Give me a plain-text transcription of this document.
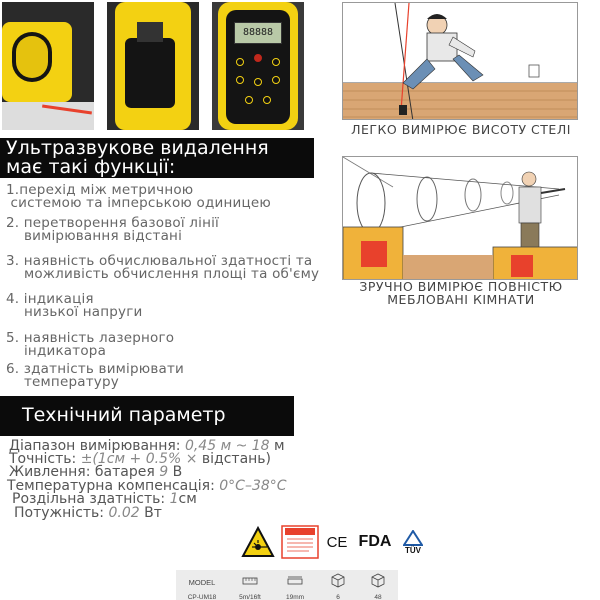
88888
Ультразвукове видалення
має такі функції:
1.перехід між метричною
системою та імперською одиницею
2. перетворення базової лінії
вимірювання відстані
3. наявність обчислювальної здатності та
можливість обчислення площі та об'єму
4. індикація
низької напруги
5. наявність лазерного
індикатора
6. здатність вимірювати
температуру
Технічний параметр
Діапазон вимірювання: 0,45 м ~ 18 м
Точність: ±(1см + 0.5% × відстань)
Живлення: батарея 9 В
Температурна компенсація: 0°C–38°C
Роздільна здатність: 1см
Потужність: 0.02 Вт
ЛЕГКО ВИМІРЮЄ ВИСОТУ СТЕЛІ
ЗРУЧНО ВИМІРЮЄ ПОВНІСТЮ
МЕБЛОВАНІ КІМНАТИ
CE FDA	TÜV
MODEL
CP-UM18	5m/16ft	19mm	6	48
